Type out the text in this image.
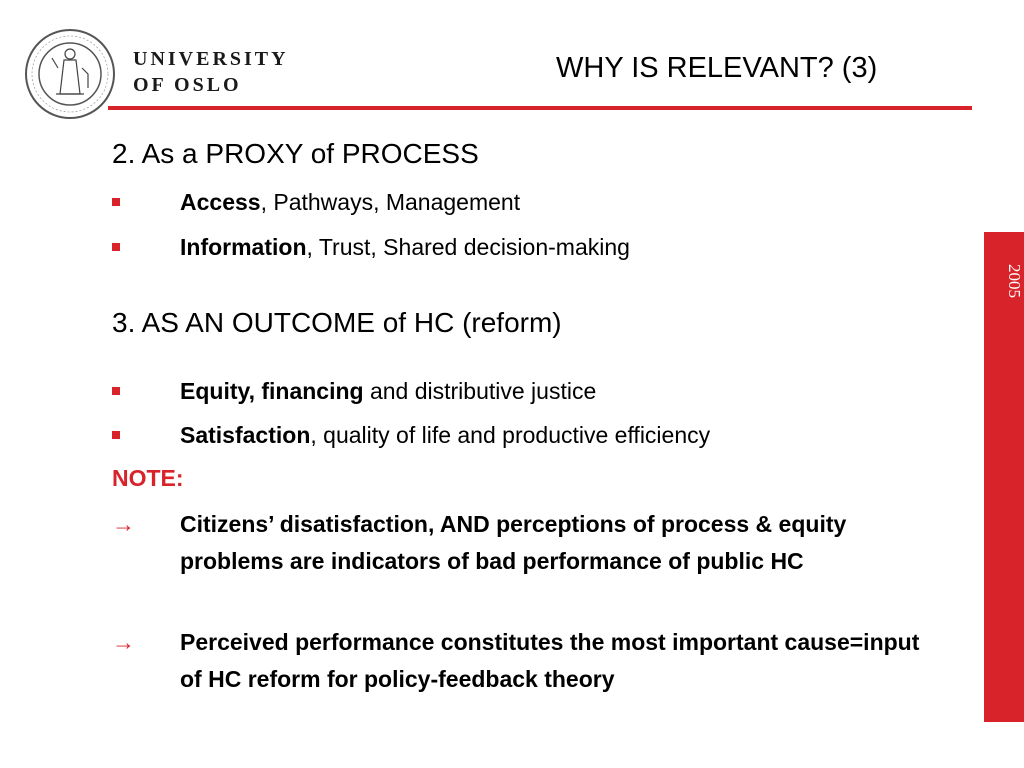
UNIVERSITY
OF OSLO
WHY IS RELEVANT? (3)
2005
2. As a PROXY of PROCESS
Access, Pathways, Management
Information, Trust, Shared decision-making
3. AS AN OUTCOME of HC (reform)
Equity, financing and distributive justice
Satisfaction, quality of life and productive efficiency
NOTE:
→ Citizens’ disatisfaction, AND perceptions of process & equity problems are indicators of bad performance of public HC
→ Perceived performance constitutes the most important cause=input of HC reform for policy-feedback theory
